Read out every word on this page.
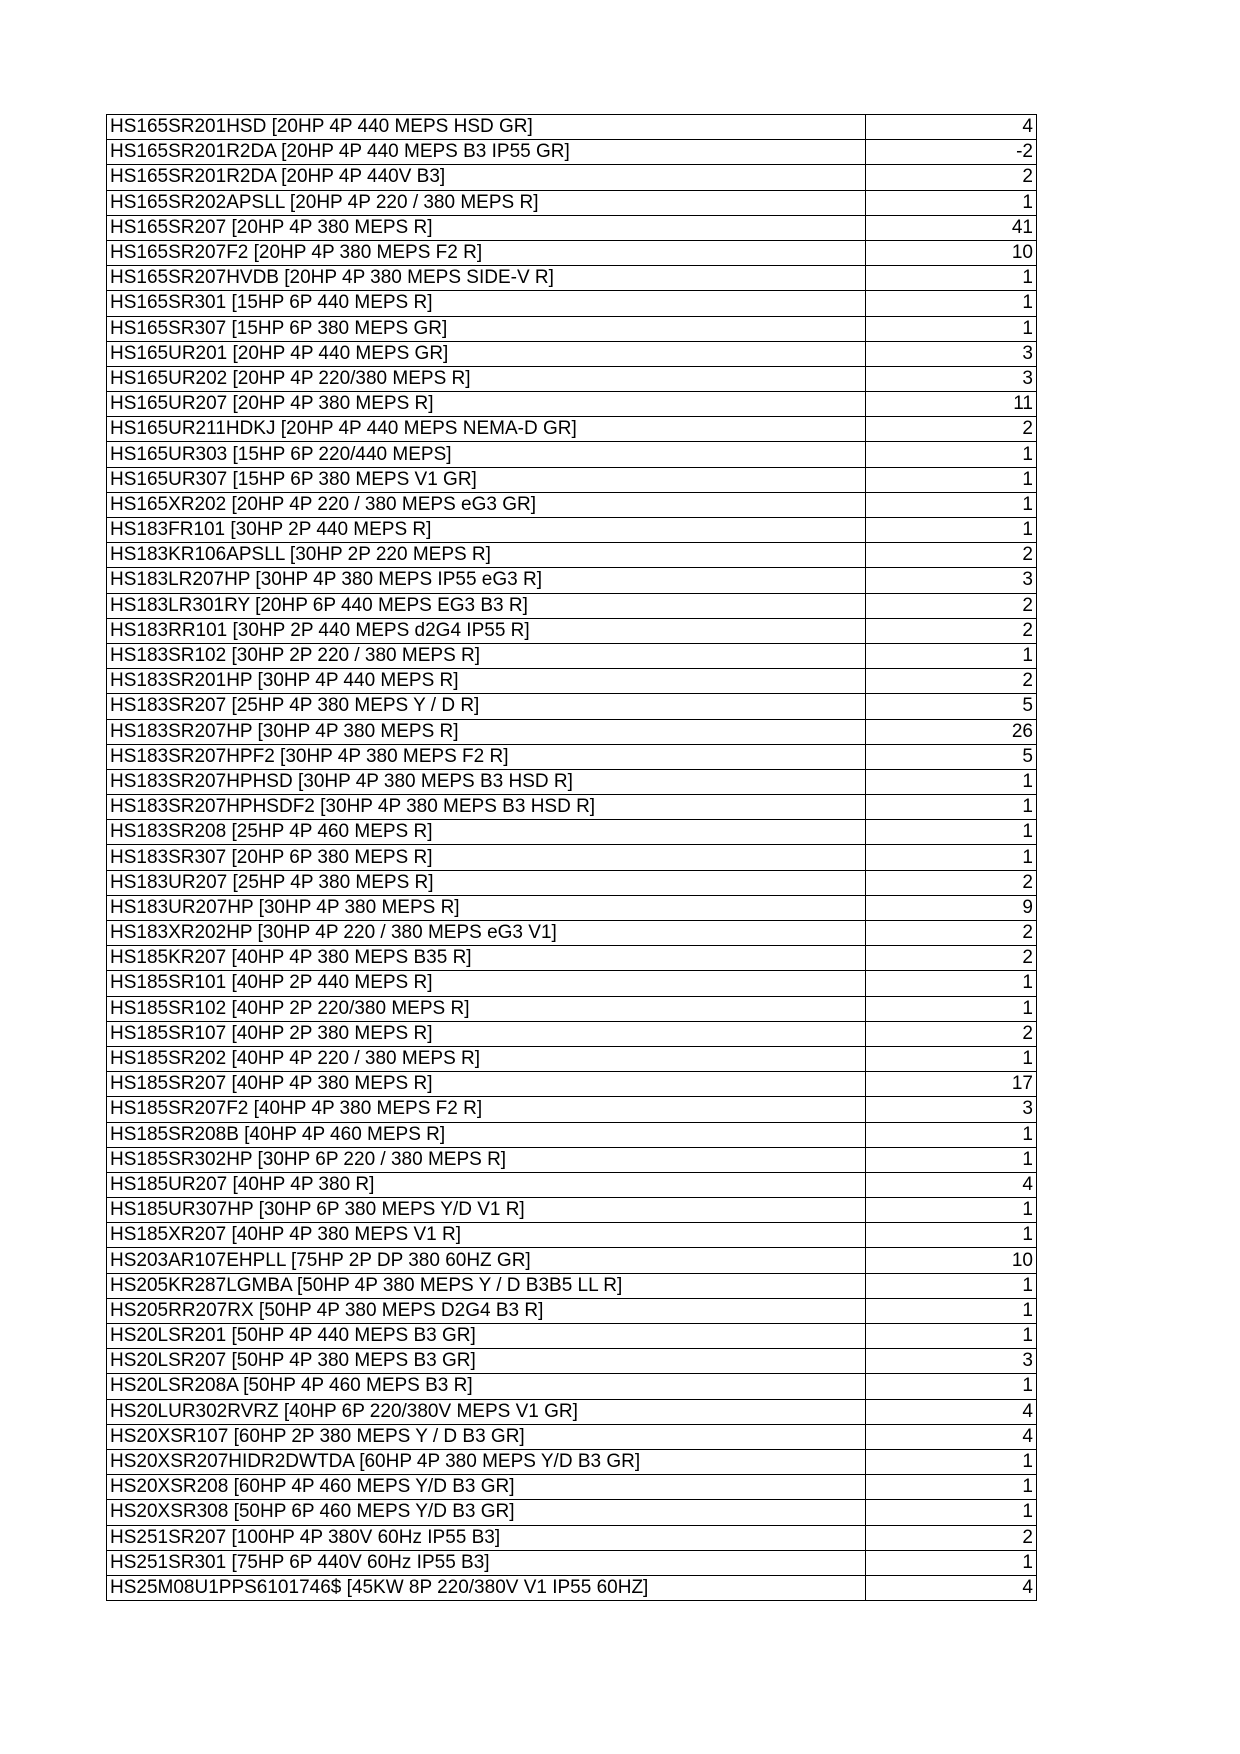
HS165SR201HSD [20HP 4P 440 MEPS HSD GR]	4
HS165SR201R2DA [20HP 4P 440 MEPS B3 IP55 GR]	-2
HS165SR201R2DA [20HP 4P 440V B3]	2
HS165SR202APSLL [20HP 4P 220 / 380 MEPS R]	1
HS165SR207 [20HP 4P 380 MEPS R]	41
HS165SR207F2 [20HP 4P 380 MEPS F2 R]	10
HS165SR207HVDB [20HP 4P 380 MEPS SIDE-V R]	1
HS165SR301 [15HP 6P 440 MEPS R]	1
HS165SR307 [15HP 6P 380 MEPS GR]	1
HS165UR201 [20HP 4P 440 MEPS GR]	3
HS165UR202 [20HP 4P 220/380 MEPS R]	3
HS165UR207 [20HP 4P 380 MEPS R]	11
HS165UR211HDKJ [20HP 4P 440 MEPS NEMA-D GR]	2
HS165UR303 [15HP 6P 220/440 MEPS]	1
HS165UR307 [15HP 6P 380 MEPS V1 GR]	1
HS165XR202 [20HP 4P 220 / 380 MEPS eG3 GR]	1
HS183FR101 [30HP 2P 440 MEPS R]	1
HS183KR106APSLL [30HP 2P 220 MEPS R]	2
HS183LR207HP [30HP 4P 380 MEPS IP55 eG3 R]	3
HS183LR301RY [20HP 6P 440 MEPS EG3 B3 R]	2
HS183RR101 [30HP 2P 440 MEPS d2G4 IP55 R]	2
HS183SR102 [30HP 2P 220 / 380 MEPS R]	1
HS183SR201HP [30HP 4P 440 MEPS R]	2
HS183SR207 [25HP 4P 380 MEPS Y / D R]	5
HS183SR207HP [30HP 4P 380 MEPS R]	26
HS183SR207HPF2 [30HP 4P 380 MEPS F2 R]	5
HS183SR207HPHSD [30HP 4P 380 MEPS B3 HSD R]	1
HS183SR207HPHSDF2 [30HP 4P 380 MEPS B3 HSD R]	1
HS183SR208 [25HP 4P 460 MEPS R]	1
HS183SR307 [20HP 6P 380 MEPS R]	1
HS183UR207 [25HP 4P 380 MEPS R]	2
HS183UR207HP [30HP 4P 380 MEPS R]	9
HS183XR202HP [30HP 4P 220 / 380 MEPS eG3 V1]	2
HS185KR207 [40HP 4P 380 MEPS B35 R]	2
HS185SR101 [40HP 2P 440 MEPS R]	1
HS185SR102 [40HP 2P 220/380 MEPS R]	1
HS185SR107 [40HP 2P 380 MEPS R]	2
HS185SR202 [40HP 4P 220 / 380 MEPS R]	1
HS185SR207 [40HP 4P 380 MEPS R]	17
HS185SR207F2 [40HP 4P 380 MEPS F2 R]	3
HS185SR208B [40HP 4P 460 MEPS R]	1
HS185SR302HP [30HP 6P 220 / 380 MEPS R]	1
HS185UR207 [40HP 4P 380 R]	4
HS185UR307HP [30HP 6P 380 MEPS Y/D V1 R]	1
HS185XR207 [40HP 4P 380 MEPS V1 R]	1
HS203AR107EHPLL [75HP 2P DP 380 60HZ GR]	10
HS205KR287LGMBA [50HP 4P 380 MEPS Y / D B3B5 LL R]	1
HS205RR207RX [50HP 4P 380 MEPS D2G4 B3 R]	1
HS20LSR201 [50HP 4P 440 MEPS B3 GR]	1
HS20LSR207 [50HP 4P 380 MEPS B3 GR]	3
HS20LSR208A [50HP 4P 460 MEPS B3 R]	1
HS20LUR302RVRZ [40HP 6P 220/380V MEPS V1 GR]	4
HS20XSR107 [60HP 2P 380 MEPS Y / D B3 GR]	4
HS20XSR207HIDR2DWTDA [60HP 4P 380 MEPS Y/D B3 GR]	1
HS20XSR208 [60HP 4P 460 MEPS Y/D B3 GR]	1
HS20XSR308 [50HP 6P 460 MEPS Y/D B3 GR]	1
HS251SR207 [100HP 4P 380V 60Hz IP55 B3]	2
HS251SR301 [75HP 6P 440V 60Hz IP55 B3]	1
HS25M08U1PPS6101746$ [45KW 8P 220/380V V1 IP55 60HZ]	4
